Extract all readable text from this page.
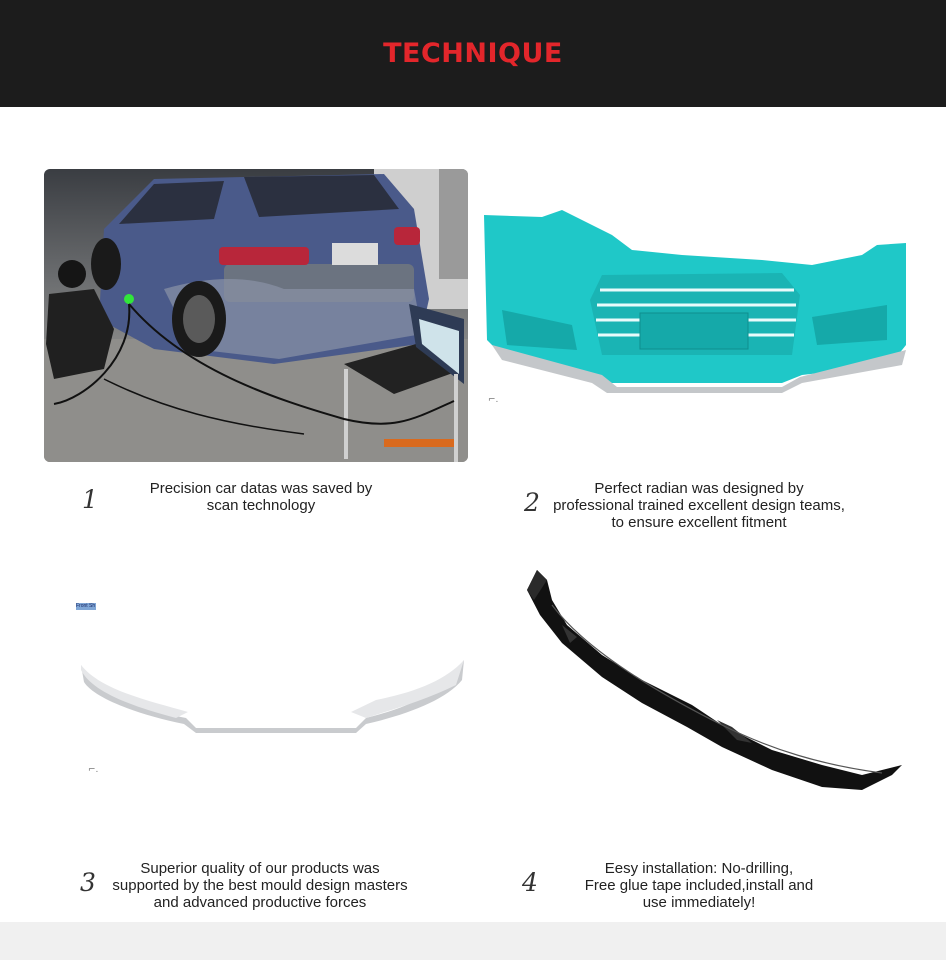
TECHNIQUE
⌐.
Front Sh
⌐.
1	Precision car datas was saved by
scan technology	2	Perfect radian was designed by
professional trained excellent design teams,
to ensure excellent fitment
3	Superior quality of our products was
supported by the best mould design masters
and advanced productive forces
4	Eesy installation: No-drilling,
Free glue tape included,install and
use immediately!
